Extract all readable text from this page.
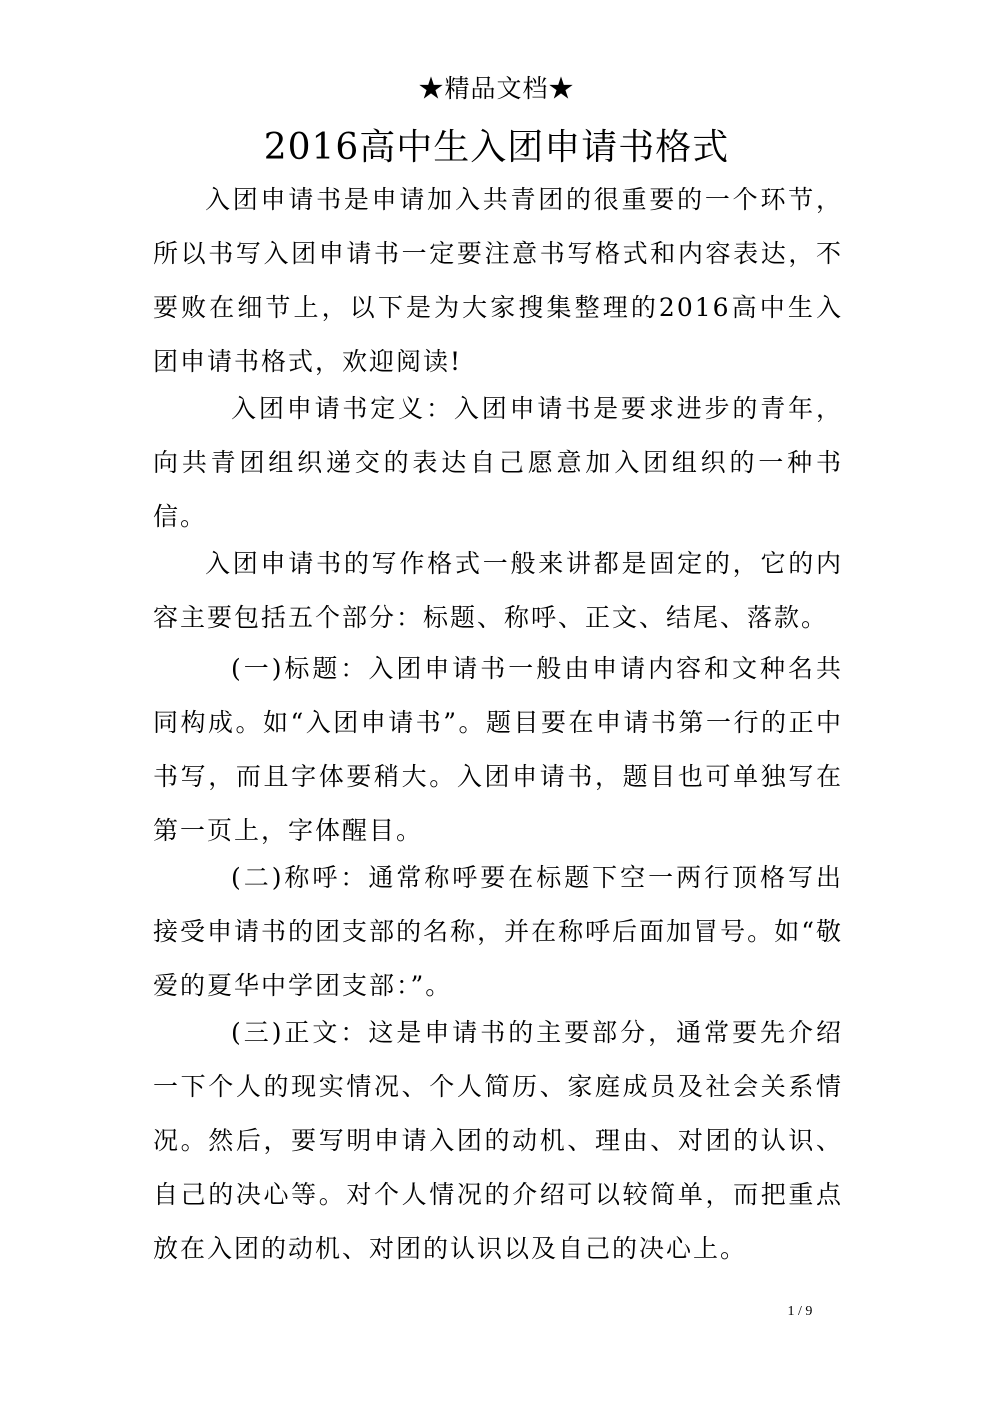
★精品文档★
2016高中生入团申请书格式

入团申请书是申请加入共青团的很重要的一个环节，所以书写入团申请书一定要注意书写格式和内容表达，不要败在细节上，以下是为大家搜集整理的2016高中生入团申请书格式，欢迎阅读!

入团申请书定义：入团申请书是要求进步的青年，向共青团组织递交的表达自己愿意加入团组织的一种书信。

入团申请书的写作格式一般来讲都是固定的，它的内容主要包括五个部分：标题、称呼、正文、结尾、落款。

(一)标题：入团申请书一般由申请内容和文种名共同构成。如“入团申请书”。题目要在申请书第一行的正中书写，而且字体要稍大。入团申请书，题目也可单独写在第一页上，字体醒目。

(二)称呼：通常称呼要在标题下空一两行顶格写出接受申请书的团支部的名称，并在称呼后面加冒号。如“敬爱的夏华中学团支部：”。

(三)正文：这是申请书的主要部分，通常要先介绍一下个人的现实情况、个人简历、家庭成员及社会关系情况。然后，要写明申请入团的动机、理由、对团的认识、自己的决心等。对个人情况的介绍可以较简单，而把重点放在入团的动机、对团的认识以及自己的决心上。

1 / 9
